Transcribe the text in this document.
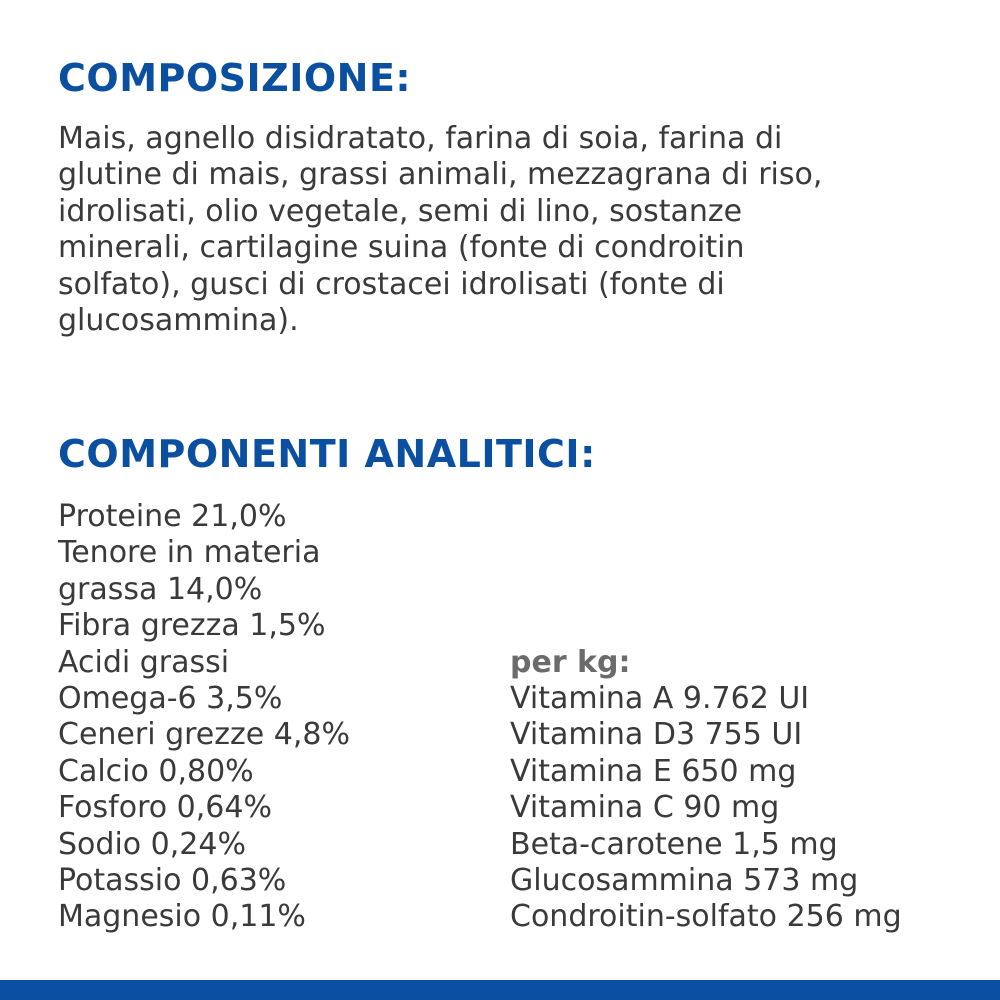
COMPOSIZIONE:

Mais, agnello disidratato, farina di soia, farina di
glutine di mais, grassi animali, mezzagrana di riso,
idrolisati, olio vegetale, semi di lino, sostanze
minerali, cartilagine suina (fonte di condroitin
solfato), gusci di crostacei idrolisati (fonte di
glucosammina).

COMPONENTI ANALITICI:
Proteine 21,0%
Tenore in materia
grassa 14,0%
Fibra grezza 1,5%
Acidi grassi
Omega-6 3,5%
Ceneri grezze 4,8%
Calcio 0,80%
Fosforo 0,64%
Sodio 0,24%
Potassio 0,63%
Magnesio 0,11%
per kg:
Vitamina A 9.762 UI
Vitamina D3 755 UI
Vitamina E 650 mg
Vitamina C 90 mg
Beta-carotene 1,5 mg
Glucosammina 573 mg
Condroitin-solfato 256 mg
